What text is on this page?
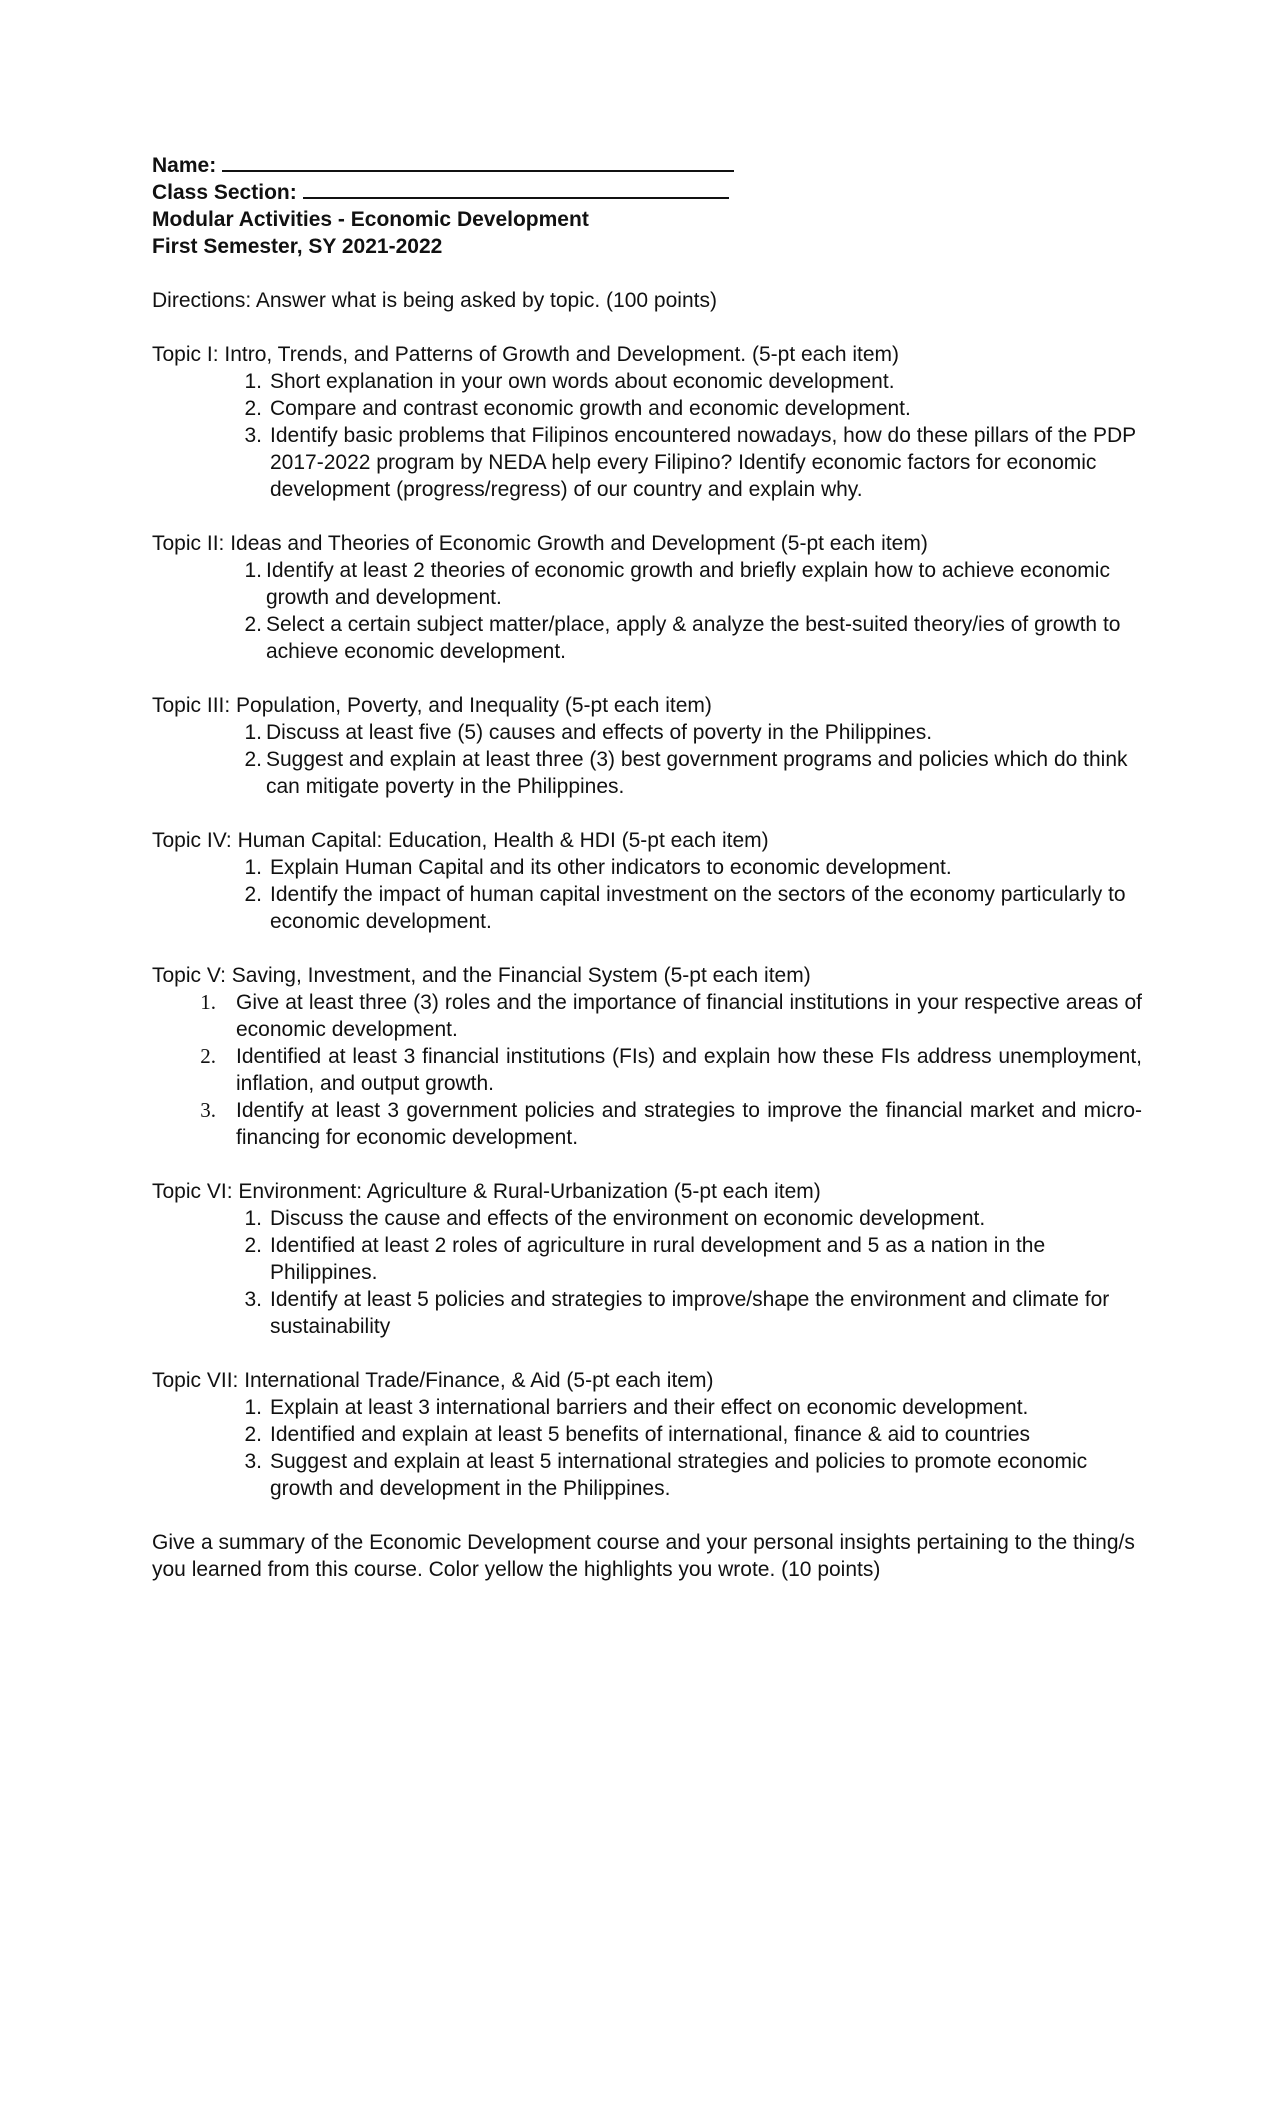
Name:
Class Section:
Modular Activities - Economic Development
First Semester, SY 2021-2022
Directions: Answer what is being asked by topic. (100 points)
Topic I: Intro, Trends, and Patterns of Growth and Development. (5-pt each item)
1. Short explanation in your own words about economic development.
2. Compare and contrast economic growth and economic development.
3. Identify basic problems that Filipinos encountered nowadays, how do these pillars of the PDP 2017-2022 program by NEDA help every Filipino? Identify economic factors for economic development (progress/regress) of our country and explain why.
Topic II: Ideas and Theories of Economic Growth and Development (5-pt each item)
1. Identify at least 2 theories of economic growth and briefly explain how to achieve economic growth and development.
2. Select a certain subject matter/place, apply & analyze the best-suited theory/ies of growth to achieve economic development.
Topic III: Population, Poverty, and Inequality (5-pt each item)
1. Discuss at least five (5) causes and effects of poverty in the Philippines.
2. Suggest and explain at least three (3) best government programs and policies which do think can mitigate poverty in the Philippines.
Topic IV: Human Capital: Education, Health & HDI (5-pt each item)
1. Explain Human Capital and its other indicators to economic development.
2. Identify the impact of human capital investment on the sectors of the economy particularly to economic development.
Topic V: Saving, Investment, and the Financial System (5-pt each item)
1. Give at least three (3) roles and the importance of financial institutions in your respective areas of economic development.
2. Identified at least 3 financial institutions (FIs) and explain how these FIs address unemployment, inflation, and output growth.
3. Identify at least 3 government policies and strategies to improve the financial market and micro-financing for economic development.
Topic VI: Environment: Agriculture & Rural-Urbanization (5-pt each item)
1. Discuss the cause and effects of the environment on economic development.
2. Identified at least 2 roles of agriculture in rural development and 5 as a nation in the Philippines.
3. Identify at least 5 policies and strategies to improve/shape the environment and climate for sustainability
Topic VII: International Trade/Finance, & Aid (5-pt each item)
1. Explain at least 3 international barriers and their effect on economic development.
2. Identified and explain at least 5 benefits of international, finance & aid to countries
3. Suggest and explain at least 5 international strategies and policies to promote economic growth and development in the Philippines.
Give a summary of the Economic Development course and your personal insights pertaining to the thing/s you learned from this course. Color yellow the highlights you wrote. (10 points)
